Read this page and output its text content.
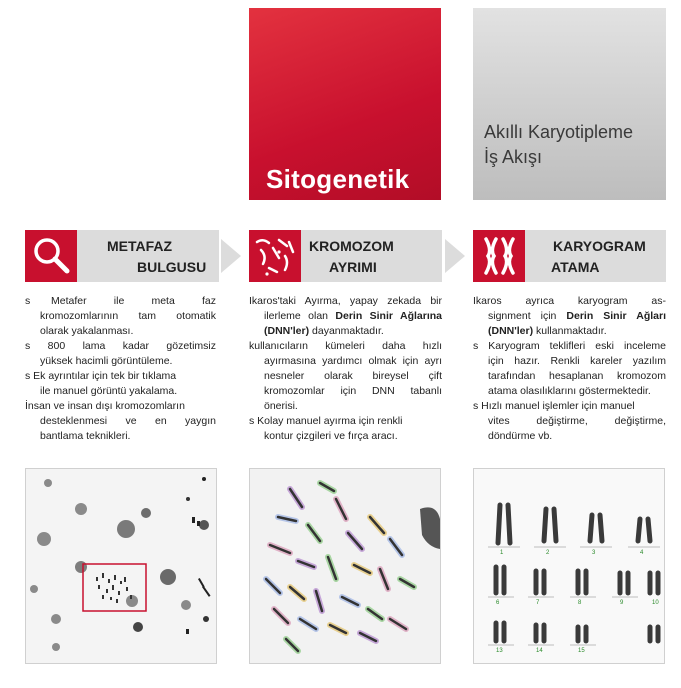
Sitogenetik
Akıllı Karyotipleme
İş Akışı
METAFAZ
BULGUSU
KROMOZOM
AYRIMI
KARYOGRAM
ATAMA

s Metafer	ile	meta	faz

kromozomlarının tam otomatik

olarak yakalanması.

s 800 lama kadar gözetimsiz

yüksek hacimli görüntüleme.

s Ek ayrıntılar için tek bir tıklama

ile manuel görüntü yakalama.

İnsan ve insan dışı kromozomların

desteklenmesi ve en yaygın

bantlama teknikleri.

Ikaros'taki Ayırma, yapay zekada bir

ilerleme olan Derin Sinir Ağlarına

(DNN'ler) dayanmaktadır.

kullanıcıların kümeleri daha hızlı

ayırmasına yardımcı olmak için ayrı

nesneler olarak bireysel çift

kromozomlar için DNN tabanlı

önerisi.

s Kolay manuel ayırma için renkli

kontur çizgileri ve fırça aracı.

Ikaros ayrıca karyogram as-

signment için Derin Sinir Ağları

(DNN'ler) kullanmaktadır.

s Karyogram teklifleri eski inceleme

için hazır. Renkli kareler yazılım

tarafından hesaplanan kromozom

atama olasılıklarını göstermektedir.

s Hızlı manuel işlemler için manuel

vites değiştirme, değiştirme,

döndürme vb.

1	2	3	4
6	7	8	9	10
13	14	15
